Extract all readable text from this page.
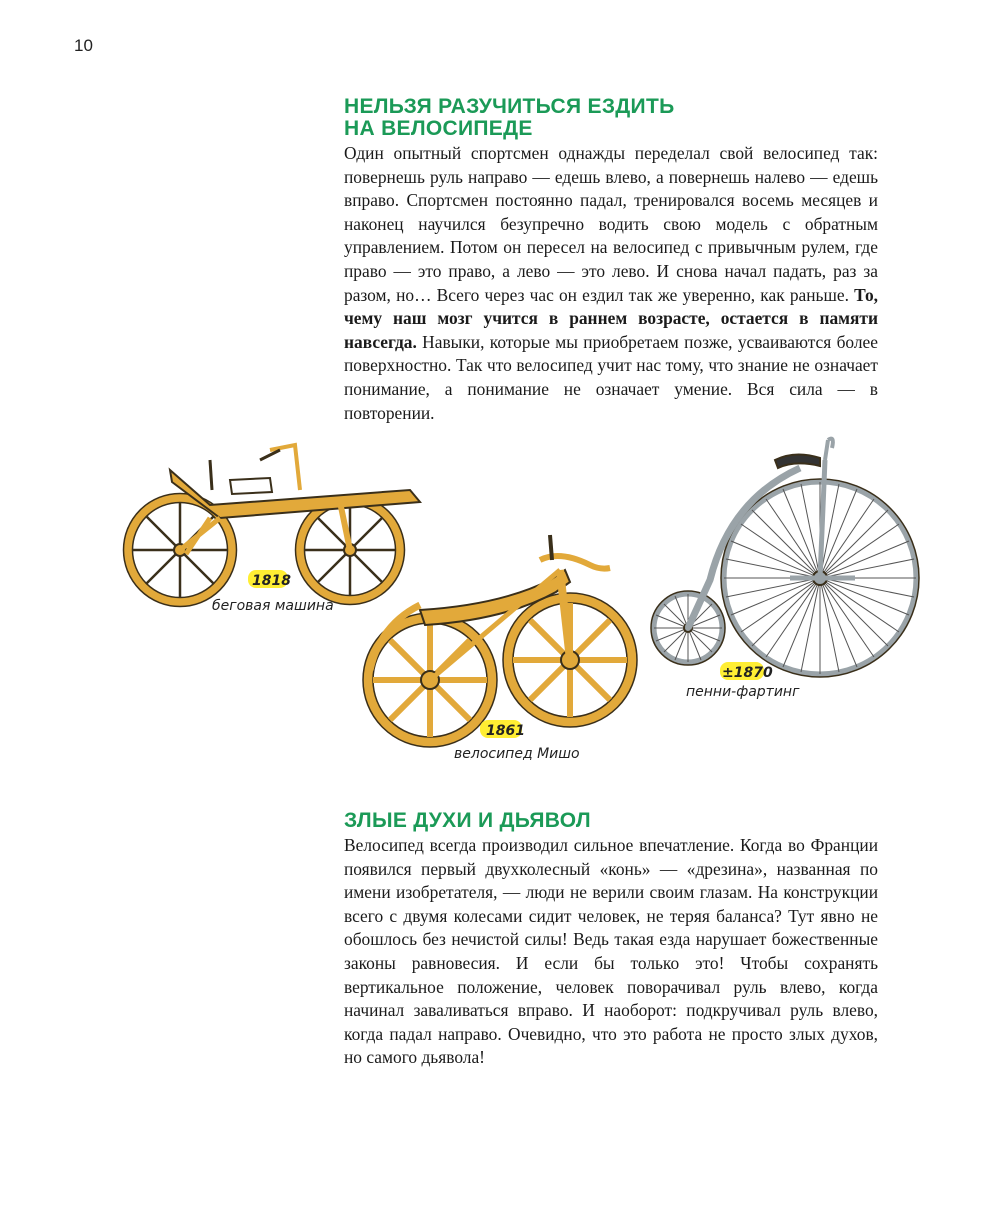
10
НЕЛЬЗЯ РАЗУЧИТЬСЯ ЕЗДИТЬ
НА ВЕЛОСИПЕДЕ

Один опытный спортсмен однажды переделал свой велосипед так: повернешь руль направо — едешь влево, а повернешь налево — едешь вправо. Спортсмен постоянно падал, тренировался восемь месяцев и наконец научился безупречно водить свою модель с обратным управлением. Потом он пересел на велосипед с привычным рулем, где право — это право, а лево — это лево. И снова начал падать, раз за разом, но… Всего через час он ездил так же уверенно, как раньше. То, чему наш мозг учится в раннем возрасте, остается в памяти навсегда. Навыки, которые мы приобретаем позже, усваиваются более поверхностно. Так что велосипед учит нас тому, что знание не означает понимание, а понимание не означает умение. Вся сила — в повторении.

1818
беговая машина
1861
велосипед Мишо
±1870
пенни-фартинг
ЗЛЫЕ ДУХИ И ДЬЯВОЛ

Велосипед всегда производил сильное впечатление. Когда во Франции появился первый двухколесный «конь» — «дрезина», названная по имени изобретателя, — люди не верили своим глазам. На конструкции всего с двумя колесами сидит человек, не теряя баланса? Тут явно не обошлось без нечистой силы! Ведь такая езда нарушает божественные законы равновесия. И если бы только это! Чтобы сохранять вертикальное положение, человек поворачивал руль влево, когда начинал заваливаться вправо. И наоборот: подкручивал руль влево, когда падал направо. Очевидно, что это работа не просто злых духов, но самого дьявола!
